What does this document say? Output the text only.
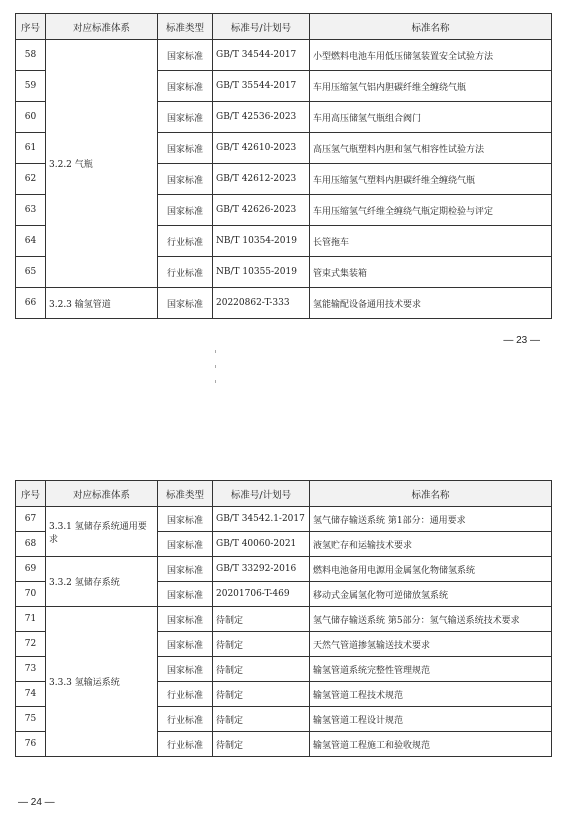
序号	对应标准体系	标准类型	标准号/计划号	标准名称
58	3.2.2 气瓶	国家标准	GB/T 34544-2017	小型燃料电池车用低压储氢装置安全试验方法
59		国家标准	GB/T 35544-2017	车用压缩氢气铝内胆碳纤维全缠绕气瓶
60		国家标准	GB/T 42536-2023	车用高压储氢气瓶组合阀门
61		国家标准	GB/T 42610-2023	高压氢气瓶塑料内胆和氢气相容性试验方法
62		国家标准	GB/T 42612-2023	车用压缩氢气塑料内胆碳纤维全缠绕气瓶
63		国家标准	GB/T 42626-2023	车用压缩氢气纤维全缠绕气瓶定期检验与评定
64		行业标准	NB/T 10354-2019	长管拖车
65		行业标准	NB/T 10355-2019	管束式集装箱
66	3.2.3 输氢管道	国家标准	20220862-T-333	氢能输配设备通用技术要求
— 23 —
序号	对应标准体系	标准类型	标准号/计划号	标准名称
67	3.3.1 氢储存系统通用要求	国家标准	GB/T 34542.1-2017	氢气储存输送系统 第1部分：通用要求
68		国家标准	GB/T 40060-2021	液氢贮存和运输技术要求
69	3.3.2 氢储存系统	国家标准	GB/T 33292-2016	燃料电池备用电源用金属氢化物储氢系统
70		国家标准	20201706-T-469	移动式金属氢化物可逆储放氢系统
71	3.3.3 氢输运系统	国家标准	待制定	氢气储存输送系统 第5部分：氢气输送系统技术要求
72		国家标准	待制定	天然气管道掺氢输送技术要求
73		国家标准	待制定	输氢管道系统完整性管理规范
74		行业标准	待制定	输氢管道工程技术规范
75		行业标准	待制定	输氢管道工程设计规范
76		行业标准	待制定	输氢管道工程施工和验收规范
— 24 —
